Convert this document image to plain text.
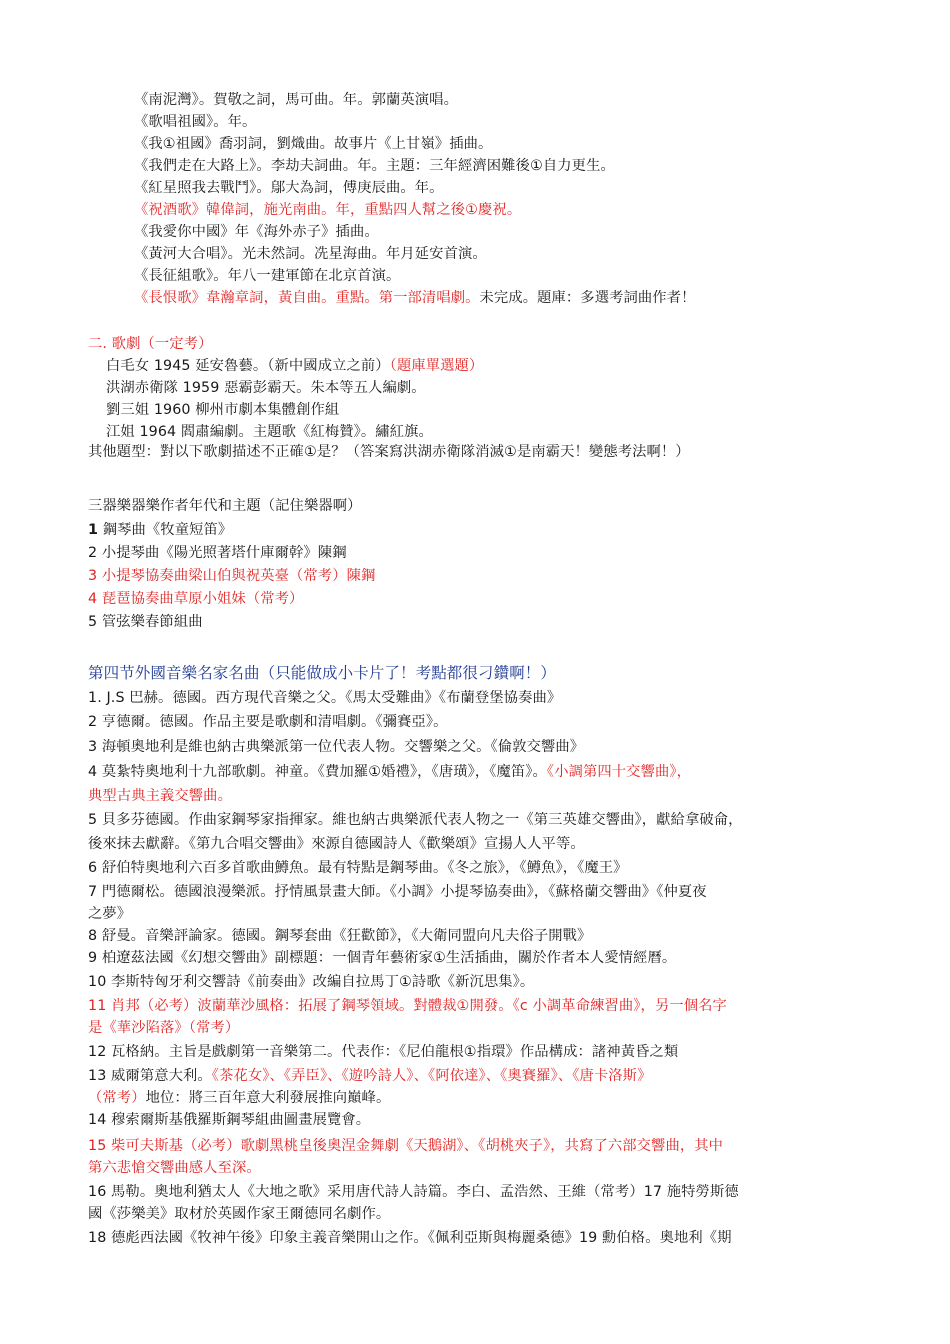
《南泥灣》。賀敬之詞，馬可曲。年。郭蘭英演唱。
《歌唱祖國》。年。
《我①祖國》喬羽詞，劉熾曲。故事片《上甘嶺》插曲。
《我們走在大路上》。李劫夫詞曲。年。主題：三年經濟困難後①自力更生。
《紅星照我去戰鬥》。鄔大為詞，傅庚辰曲。年。
《祝酒歌》韓偉詞，施光南曲。年，重點四人幫之後①慶祝。
《我愛你中國》年《海外赤子》插曲。
《黃河大合唱》。光未然詞。冼星海曲。年月延安首演。
《長征組歌》。年八一建軍節在北京首演。
《長恨歌》韋瀚章詞，黃自曲。重點。第一部清唱劇。未完成。題庫：多選考詞曲作者！
二. 歌劇（一定考）
白毛女 1945 延安魯藝。（新中國成立之前）（題庫單選題）
洪湖赤衛隊 1959 惡霸彭霸天。朱本等五人編劇。
劉三姐 1960 柳州市劇本集體創作組
江姐 1964 閻肅編劇。主題歌《紅梅贊》。繡紅旗。
其他題型：對以下歌劇描述不正確①是？（答案寫洪湖赤衛隊消滅①是南霸天！變態考法啊！）
三器樂器樂作者年代和主題（記住樂器啊）
1 鋼琴曲《牧童短笛》
2 小提琴曲《陽光照著塔什庫爾幹》陳鋼
3 小提琴協奏曲梁山伯與祝英臺（常考）陳鋼
4 琵琶協奏曲草原小姐妹（常考）
5 管弦樂春節組曲
第四节外國音樂名家名曲（只能做成小卡片了！考點都很刁鑽啊！）
1. J.S 巴赫。德國。西方現代音樂之父。《馬太受難曲》《布蘭登堡協奏曲》
2 亨德爾。德國。作品主要是歌劇和清唱劇。《彌賽亞》。
3 海頓奧地利是維也納古典樂派第一位代表人物。交響樂之父。《倫敦交響曲》
4 莫紮特奧地利十九部歌劇。神童。《費加羅①婚禮》，《唐璜》，《魔笛》。《小調第四十交響曲》，
典型古典主義交響曲。
5 貝多芬德國。作曲家鋼琴家指揮家。維也納古典樂派代表人物之一《第三英雄交響曲》，獻給拿破侖，
後來抹去獻辭。《第九合唱交響曲》來源自德國詩人《歡樂頌》宣揚人人平等。
6 舒伯特奧地利六百多首歌曲鱒魚。最有特點是鋼琴曲。《冬之旅》，《鱒魚》，《魔王》
7 門德爾松。德國浪漫樂派。抒情風景畫大師。《小調》小提琴協奏曲》，《蘇格蘭交響曲》《仲夏夜
之夢》
8 舒曼。音樂評論家。德國。鋼琴套曲《狂歡節》，《大衛同盟向凡夫俗子開戰》
9 柏遼茲法國《幻想交響曲》副標題：一個青年藝術家①生活插曲，關於作者本人愛情經曆。
10 李斯特匈牙利交響詩《前奏曲》改編自拉馬丁①詩歌《新沉思集》。
11 肖邦（必考）波蘭華沙風格：拓展了鋼琴領域。對體裁①開發。《c 小調革命練習曲》，另一個名字
是《華沙陷落》（常考）
12 瓦格納。主旨是戲劇第一音樂第二。代表作：《尼伯龍根①指環》作品構成：諸神黃昏之類
13 威爾第意大利。《茶花女》、《弄臣》、《遊吟詩人》、《阿依達》、《奧賽羅》、《唐卡洛斯》
（常考）地位：將三百年意大利發展推向巔峰。
14 穆索爾斯基俄羅斯鋼琴組曲圖畫展覽會。
15 柴可夫斯基（必考）歌劇黑桃皇後奧涅金舞劇《天鵝湖》、《胡桃夾子》，共寫了六部交響曲，其中
第六悲愴交響曲感人至深。
16 馬勒。奧地利猶太人《大地之歌》采用唐代詩人詩篇。李白、孟浩然、王維（常考）17 施特勞斯德
國《莎樂美》取材於英國作家王爾德同名劇作。
18 德彪西法國《牧神午後》印象主義音樂開山之作。《佩利亞斯與梅麗桑德》19 勳伯格。奧地利《期
